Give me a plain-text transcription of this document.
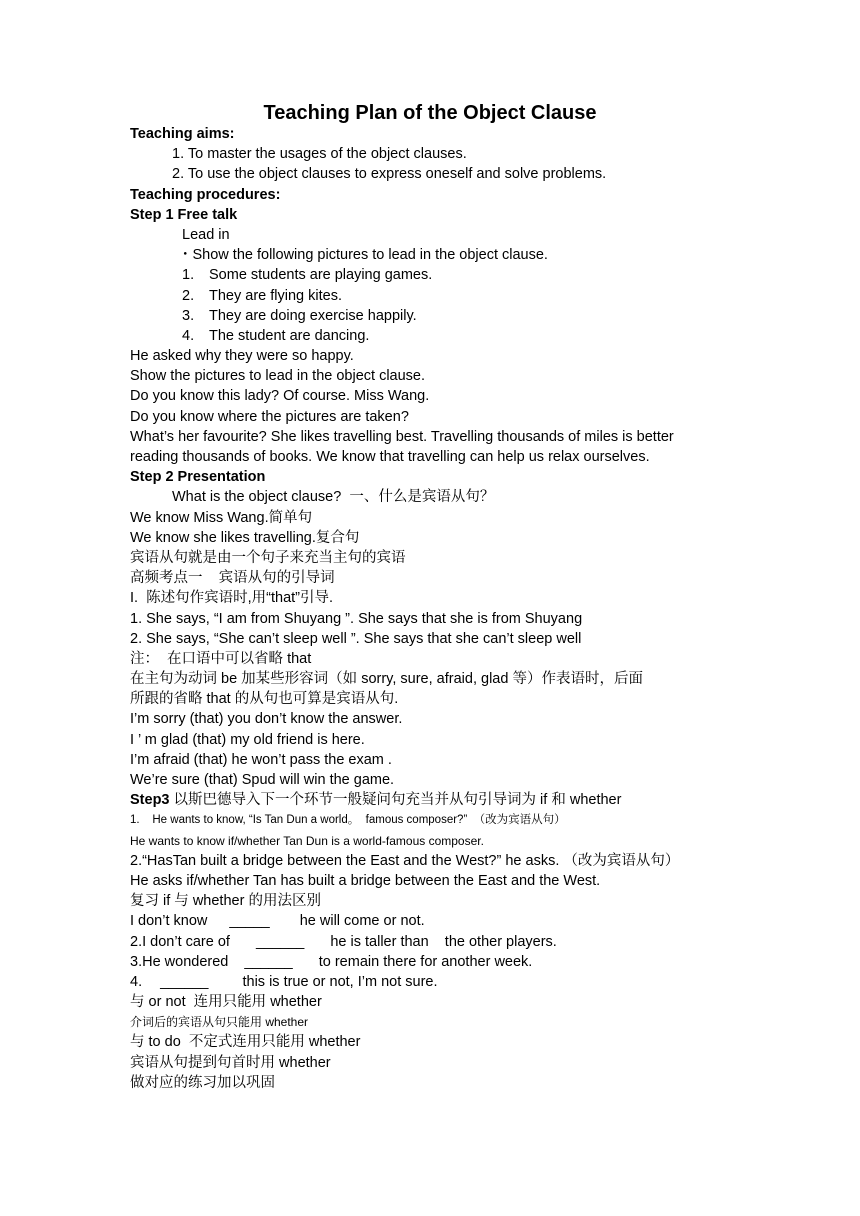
Teaching Plan of the Object Clause
Teaching aims:
1. To master the usages of the object clauses.
2. To use the object clauses to express oneself and solve problems.
Teaching procedures:
Step 1 Free talk
Lead in
・Show the following pictures to lead in the object clause.
1. Some students are playing games.
2. They are flying kites.
3. They are doing exercise happily.
4. The student are dancing.
He asked why they were so happy.
Show the pictures to lead in the object clause.
Do you know this lady? Of course. Miss Wang.
Do you know where the pictures are taken?
What’s her favourite? She likes travelling best. Travelling thousands of miles is better
reading thousands of books. We know that travelling can help us relax ourselves.
Step 2 Presentation
What is the object clause?  一、什么是宾语从句？
We know Miss Wang.简单句
We know she likes travelling.复合句
宾语从句就是由一个句子来充当主句的宾语
高频考点一    宾语从句的引导词
I.  陈述句作宾语时,用“that”引导.
1. She says, “I am from Shuyang ”. She says that she is from Shuyang
2. She says, “She can’t sleep well ”. She says that she can’t sleep well
注：  在口语中可以省略 that
在主句为动词 be 加某些形容词（如 sorry, sure, afraid, glad 等）作表语时，后面
所跟的省略 that 的从句也可算是宾语从句.
I’m sorry (that) you don’t know the answer.
I ’ m glad (that) my old friend is here.
I’m afraid (that) he won’t pass the exam .
We’re sure (that) Spud will win the game.
Step3 以斯巴德导入下一个环节一般疑问句充当并从句引导词为 if 和 whether
1.    He wants to know, “Is Tan Dun a world。  famous composer?”  （改为宾语从句）
He wants to know if/whether Tan Dun is a world-famous composer.
2.“HasTan built a bridge between the East and the West?” he asks. （改为宾语从句）
He asks if/whether Tan has built a bridge between the East and the West.
复习 if 与 whether 的用法区别
I don’t know _____ he will come or not.
2.I don’t care of ______ he is taller than    the other players.
3.He wondered ______ to remain there for another week.
4. ______ this is true or not, I’m not sure.
与 or not  连用只能用 whether
介词后的宾语从句只能用 whether
与 to do  不定式连用只能用 whether
宾语从句提到句首时用 whether
做对应的练习加以巩固
